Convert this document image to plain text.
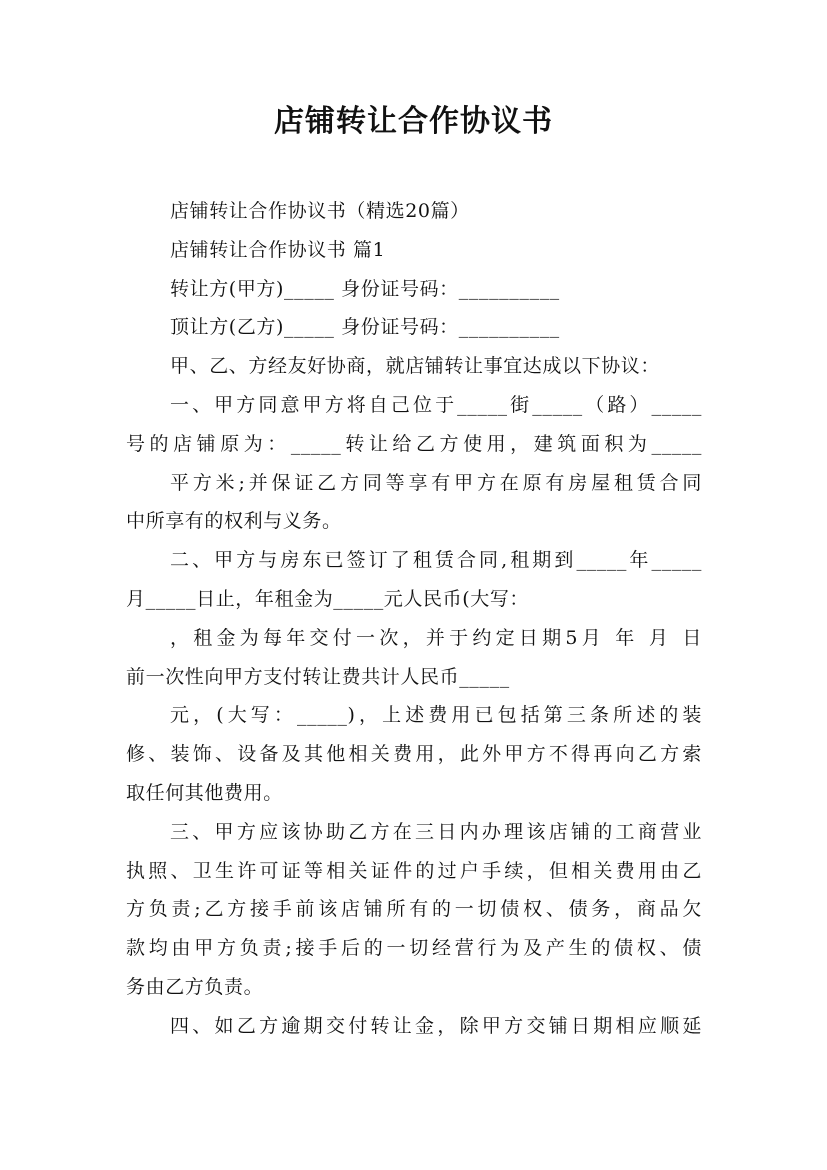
店铺转让合作协议书
店铺转让合作协议书（精选20篇）
店铺转让合作协议书 篇1
转让方(甲方)_____ 身份证号码：__________
顶让方(乙方)_____ 身份证号码：__________
甲、乙、方经友好协商，就店铺转让事宜达成以下协议：
一、甲方同意甲方将自己位于_____街_____（路）_____
号的店铺原为：_____转让给乙方使用，建筑面积为_____
平方米;并保证乙方同等享有甲方在原有房屋租赁合同
中所享有的权利与义务。
二、甲方与房东已签订了租赁合同,租期到_____年_____
月_____日止，年租金为_____元人民币(大写：
，租金为每年交付一次，并于约定日期5月 年 月 日
前一次性向甲方支付转让费共计人民币_____
元，(大写：_____)，上述费用已包括第三条所述的装
修、装饰、设备及其他相关费用，此外甲方不得再向乙方索
取任何其他费用。
三、甲方应该协助乙方在三日内办理该店铺的工商营业
执照、卫生许可证等相关证件的过户手续，但相关费用由乙
方负责;乙方接手前该店铺所有的一切债权、债务，商品欠
款均由甲方负责;接手后的一切经营行为及产生的债权、债
务由乙方负责。
四、如乙方逾期交付转让金，除甲方交铺日期相应顺延
